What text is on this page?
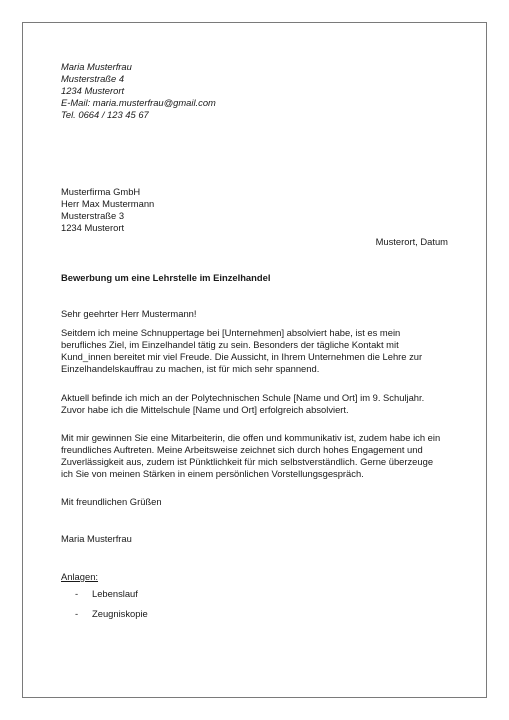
Maria Musterfrau
Musterstraße 4
1234 Musterort
E-Mail: maria.musterfrau@gmail.com
Tel. 0664 / 123 45 67
Musterfirma GmbH
Herr Max Mustermann
Musterstraße 3
1234 Musterort
Musterort, Datum
Bewerbung um eine Lehrstelle im Einzelhandel
Sehr geehrter Herr Mustermann!
Seitdem ich meine Schnuppertage bei [Unternehmen] absolviert habe, ist es mein
berufliches Ziel, im Einzelhandel tätig zu sein. Besonders der tägliche Kontakt mit
Kund_innen bereitet mir viel Freude. Die Aussicht, in Ihrem Unternehmen die Lehre zur
Einzelhandelskauffrau zu machen, ist für mich sehr spannend.
Aktuell befinde ich mich an der Polytechnischen Schule [Name und Ort] im 9. Schuljahr.
Zuvor habe ich die Mittelschule [Name und Ort] erfolgreich absolviert.
Mit mir gewinnen Sie eine Mitarbeiterin, die offen und kommunikativ ist, zudem habe ich ein
freundliches Auftreten. Meine Arbeitsweise zeichnet sich durch hohes Engagement und
Zuverlässigkeit aus, zudem ist Pünktlichkeit für mich selbstverständlich. Gerne überzeuge
ich Sie von meinen Stärken in einem persönlichen Vorstellungsgespräch.
Mit freundlichen Grüßen
Maria Musterfrau
Anlagen:
- Lebenslauf
- Zeugniskopie
